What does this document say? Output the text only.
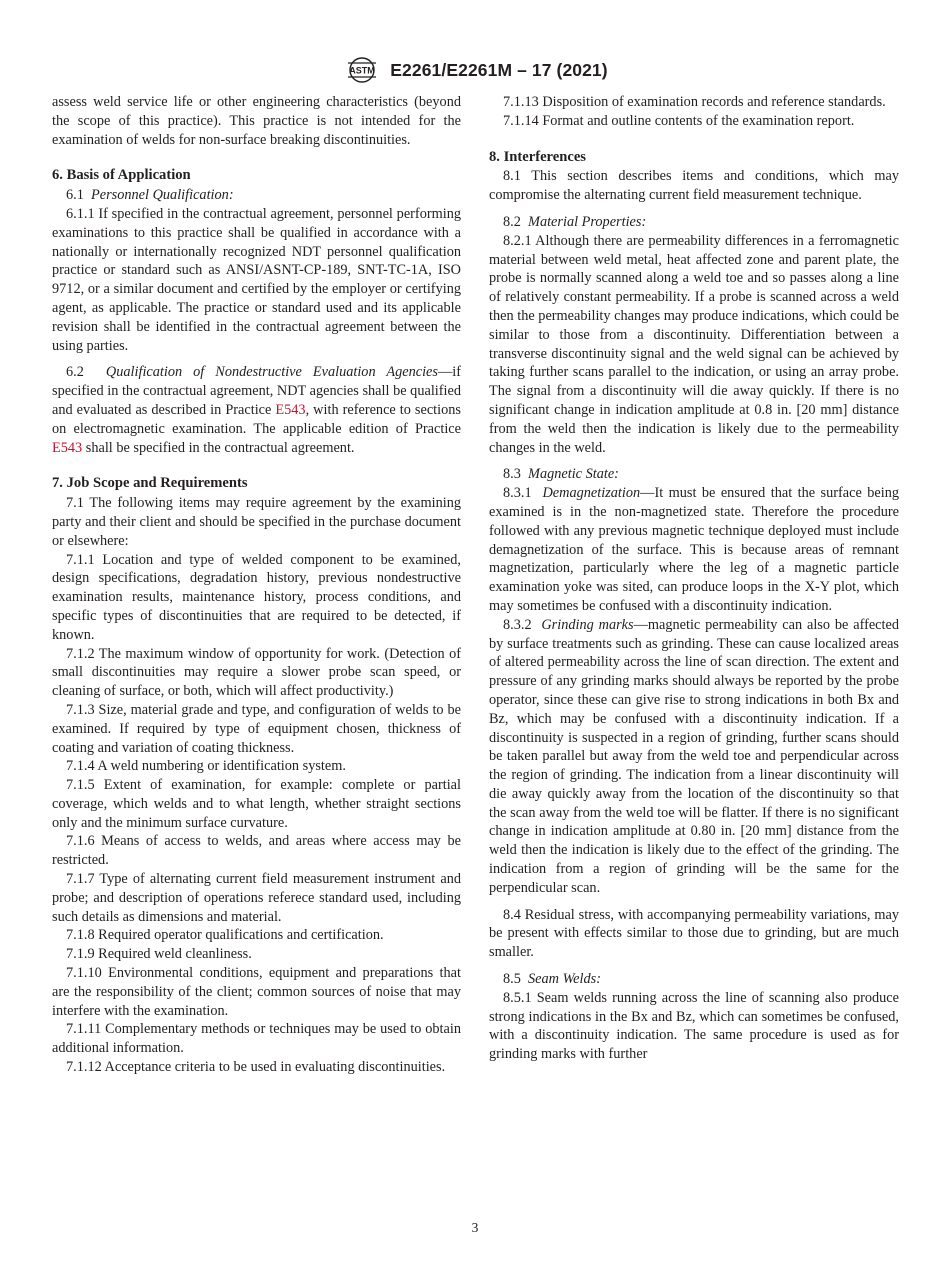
ASTM E2261/E2261M – 17 (2021)

assess weld service life or other engineering characteristics (beyond the scope of this practice). This practice is not intended for the examination of welds for non-surface breaking discontinuities.

6. Basis of Application

6.1 Personnel Qualification:

6.1.1 If specified in the contractual agreement, personnel performing examinations to this practice shall be qualified in accordance with a nationally or internationally recognized NDT personnel qualification practice or standard such as ANSI/ASNT-CP-189, SNT-TC-1A, ISO 9712, or a similar document and certified by the employer or certifying agent, as applicable. The practice or standard used and its applicable revision shall be identified in the contractual agreement between the using parties.

6.2 Qualification of Nondestructive Evaluation Agencies—if specified in the contractual agreement, NDT agencies shall be qualified and evaluated as described in Practice E543, with reference to sections on electromagnetic examination. The applicable edition of Practice E543 shall be specified in the contractual agreement.

7. Job Scope and Requirements

7.1 The following items may require agreement by the examining party and their client and should be specified in the purchase document or elsewhere:

7.1.1 Location and type of welded component to be examined, design specifications, degradation history, previous nondestructive examination results, maintenance history, process conditions, and specific types of discontinuities that are required to be detected, if known.

7.1.2 The maximum window of opportunity for work. (Detection of small discontinuities may require a slower probe scan speed, or cleaning of surface, or both, which will affect productivity.)

7.1.3 Size, material grade and type, and configuration of welds to be examined. If required by type of equipment chosen, thickness of coating and variation of coating thickness.

7.1.4 A weld numbering or identification system.

7.1.5 Extent of examination, for example: complete or partial coverage, which welds and to what length, whether straight sections only and the minimum surface curvature.

7.1.6 Means of access to welds, and areas where access may be restricted.

7.1.7 Type of alternating current field measurement instrument and probe; and description of operations referece standard used, including such details as dimensions and material.

7.1.8 Required operator qualifications and certification.

7.1.9 Required weld cleanliness.

7.1.10 Environmental conditions, equipment and preparations that are the responsibility of the client; common sources of noise that may interfere with the examination.

7.1.11 Complementary methods or techniques may be used to obtain additional information.

7.1.12 Acceptance criteria to be used in evaluating discontinuities.

7.1.13 Disposition of examination records and reference standards.

7.1.14 Format and outline contents of the examination report.

8. Interferences

8.1 This section describes items and conditions, which may compromise the alternating current field measurement technique.

8.2 Material Properties:

8.2.1 Although there are permeability differences in a ferromagnetic material between weld metal, heat affected zone and parent plate, the probe is normally scanned along a weld toe and so passes along a line of relatively constant permeability. If a probe is scanned across a weld then the permeability changes may produce indications, which could be similar to those from a discontinuity. Differentiation between a transverse discontinuity signal and the weld signal can be achieved by taking further scans parallel to the indication, or using an array probe. The signal from a discontinuity will die away quickly. If there is no significant change in indication amplitude at 0.8 in. [20 mm] distance from the weld then the indication is likely due to the permeability changes in the weld.

8.3 Magnetic State:

8.3.1 Demagnetization—It must be ensured that the surface being examined is in the non-magnetized state. Therefore the procedure followed with any previous magnetic technique deployed must include demagnetization of the surface. This is because areas of remnant magnetization, particularly where the leg of a magnetic particle examination yoke was sited, can produce loops in the X-Y plot, which may sometimes be confused with a discontinuity indication.

8.3.2 Grinding marks—magnetic permeability can also be affected by surface treatments such as grinding. These can cause localized areas of altered permeability across the line of scan direction. The extent and pressure of any grinding marks should always be reported by the probe operator, since these can give rise to strong indications in both Bx and Bz, which may be confused with a discontinuity indication. If a discontinuity is suspected in a region of grinding, further scans should be taken parallel but away from the weld toe and perpendicular across the region of grinding. The indication from a linear discontinuity will die away quickly away from the location of the discontinuity so that the scan away from the weld toe will be flatter. If there is no significant change in indication amplitude at 0.80 in. [20 mm] distance from the weld then the indication is likely due to the effect of the grinding. The indication from a region of grinding will be the same for the perpendicular scan.

8.4 Residual stress, with accompanying permeability variations, may be present with effects similar to those due to grinding, but are much smaller.

8.5 Seam Welds:

8.5.1 Seam welds running across the line of scanning also produce strong indications in the Bx and Bz, which can sometimes be confused, with a discontinuity indication. The same procedure is used as for grinding marks with further

3
